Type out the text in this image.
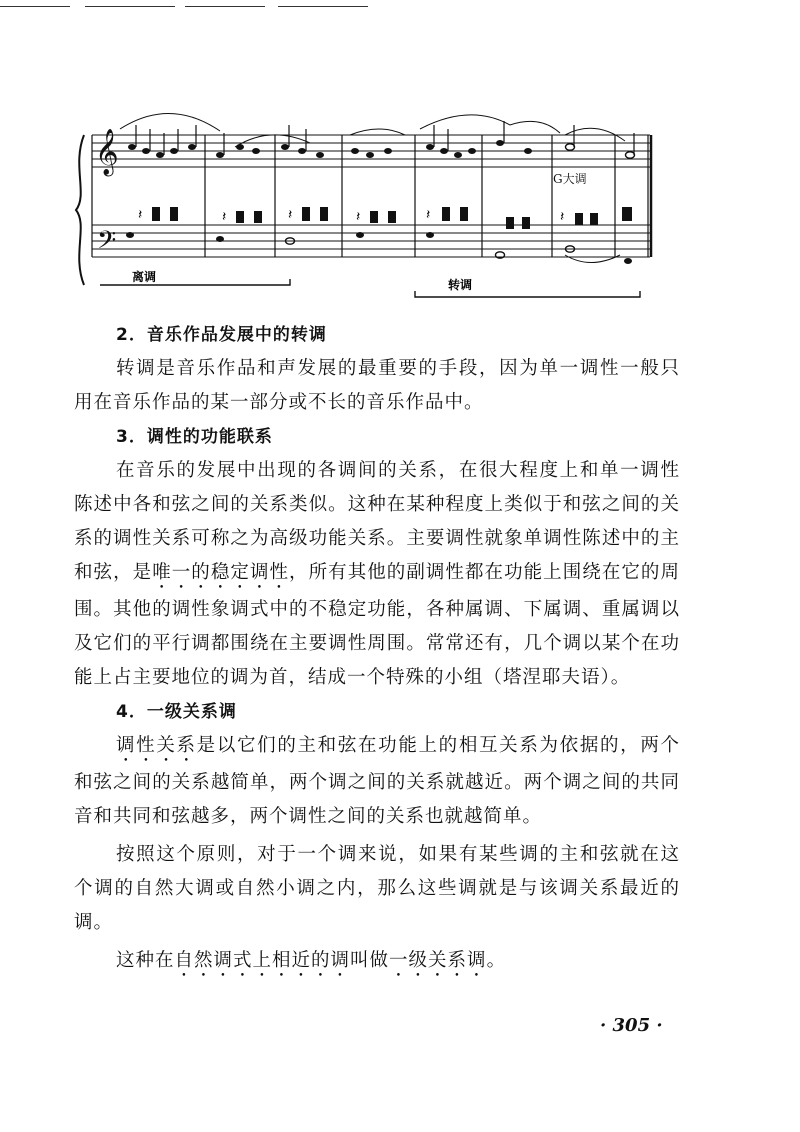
𝄞
𝄢
𝄽	𝄽	𝄽	𝄽	𝄽	𝄽
离调
转调
G大调

2．音乐作品发展中的转调

转调是音乐作品和声发展的最重要的手段，因为单一调性一般只用在音乐作品的某一部分或不长的音乐作品中。

3．调性的功能联系

在音乐的发展中出现的各调间的关系，在很大程度上和单一调性陈述中各和弦之间的关系类似。这种在某种程度上类似于和弦之间的关系的调性关系可称之为高级功能关系。主要调性就象单调性陈述中的主和弦，是唯一的稳定调性，所有其他的副调性都在功能上围绕在它的周围。其他的调性象调式中的不稳定功能，各种属调、下属调、重属调以及它们的平行调都围绕在主要调性周围。常常还有，几个调以某个在功能上占主要地位的调为首，结成一个特殊的小组（塔涅耶夫语）。

4．一级关系调

调性关系是以它们的主和弦在功能上的相互关系为依据的，两个和弦之间的关系越简单，两个调之间的关系就越近。两个调之间的共同音和共同和弦越多，两个调性之间的关系也就越简单。

按照这个原则，对于一个调来说，如果有某些调的主和弦就在这个调的自然大调或自然小调之内，那么这些调就是与该调关系最近的调。

这种在自然调式上相近的调叫做一级关系调。

· 305 ·
